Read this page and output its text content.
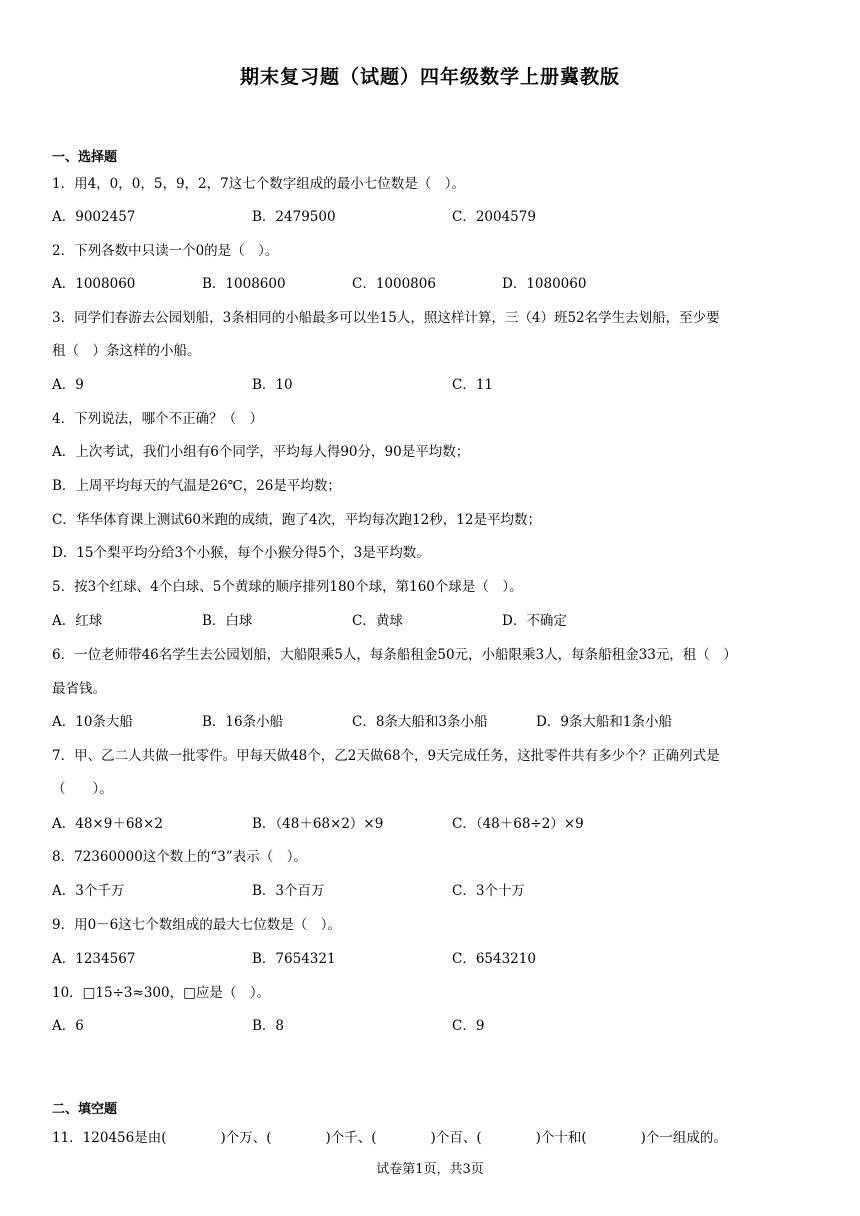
期末复习题（试题）四年级数学上册冀教版
一、选择题
1．用4，0，0，5，9，2，7这七个数字组成的最小七位数是（　）。
A．9002457	B．2479500	C．2004579
2．下列各数中只读一个0的是（　）。
A．1008060	B．1008600	C．1000806	D．1080060
3．同学们春游去公园划船，3条相同的小船最多可以坐15人，照这样计算，三（4）班52名学生去划船，至少要
租（　）条这样的小船。
A．9	B．10	C．11
4．下列说法，哪个不正确？（　）
A．上次考试，我们小组有6个同学，平均每人得90分，90是平均数；
B．上周平均每天的气温是26℃，26是平均数；
C．华华体育课上测试60米跑的成绩，跑了4次，平均每次跑12秒，12是平均数；
D．15个梨平均分给3个小猴，每个小猴分得5个，3是平均数。
5．按3个红球、4个白球、5个黄球的顺序排列180个球，第160个球是（　）。
A．红球	B．白球	C．黄球	D．不确定
6．一位老师带46名学生去公园划船，大船限乘5人，每条船租金50元，小船限乘3人，每条船租金33元，租（　）
最省钱。
A．10条大船	B．16条小船	C．8条大船和3条小船	D．9条大船和1条小船
7．甲、乙二人共做一批零件。甲每天做48个，乙2天做68个，9天完成任务，这批零件共有多少个？正确列式是
（　　）。
A．48×9＋68×2	B．（48＋68×2）×9	C．（48＋68÷2）×9
8．72360000这个数上的“3”表示（　）。
A．3个千万	B．3个百万	C．3个十万
9．用0－6这七个数组成的最大七位数是（　）。
A．1234567	B．7654321	C．6543210
10．□15÷3≈300，□应是（　）。
A．6	B．8	C．9
二、填空题
11．120456是由(　　　　)个万、(　　　　)个千、(　　　　)个百、(　　　　)个十和(　　　　)个一组成的。
试卷第1页，共3页
